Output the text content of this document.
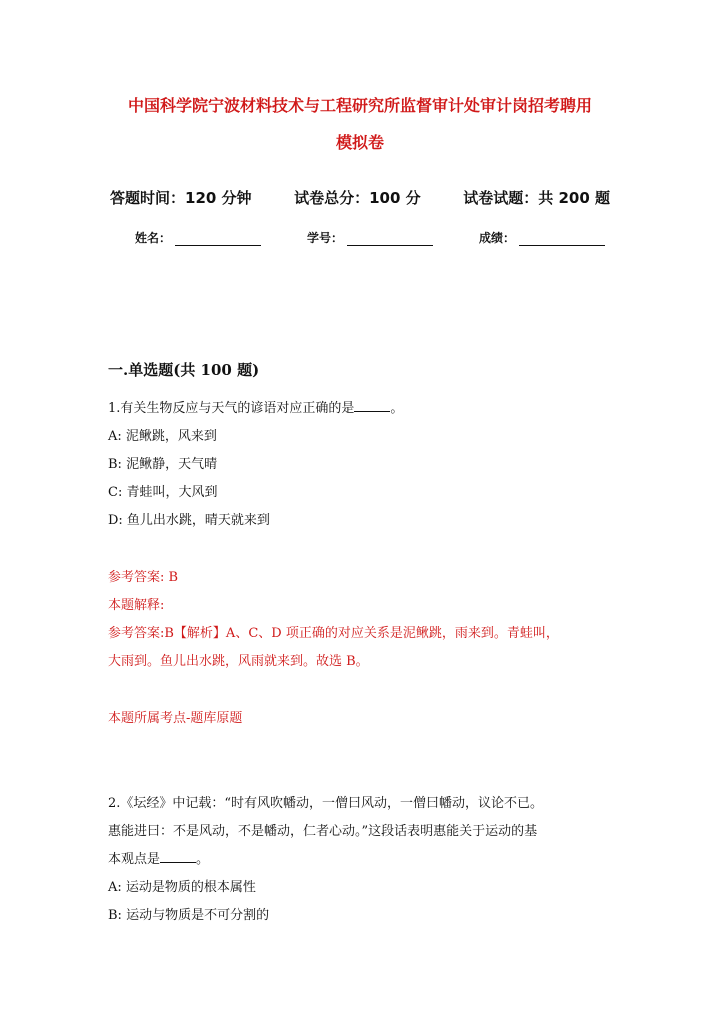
中国科学院宁波材料技术与工程研究所监督审计处审计岗招考聘用
模拟卷
答题时间：120 分钟	试卷总分：100 分	试卷试题：共 200 题
姓名：	学号：	成绩：
一.单选题(共 100 题)
1.有关生物反应与天气的谚语对应正确的是	。
A: 泥鳅跳，风来到
B: 泥鳅静，天气晴
C: 青蛙叫，大风到
D: 鱼儿出水跳，晴天就来到
参考答案: B
本题解释:
参考答案:B【解析】A、C、D 项正确的对应关系是泥鳅跳，雨来到。青蛙叫，
大雨到。鱼儿出水跳，风雨就来到。故选 B。
本题所属考点-题库原题
2.《坛经》中记载：“时有风吹幡动，一僧曰风动，一僧曰幡动，议论不已。
惠能进曰：不是风动，不是幡动，仁者心动。”这段话表明惠能关于运动的基
本观点是	。
A: 运动是物质的根本属性
B: 运动与物质是不可分割的
